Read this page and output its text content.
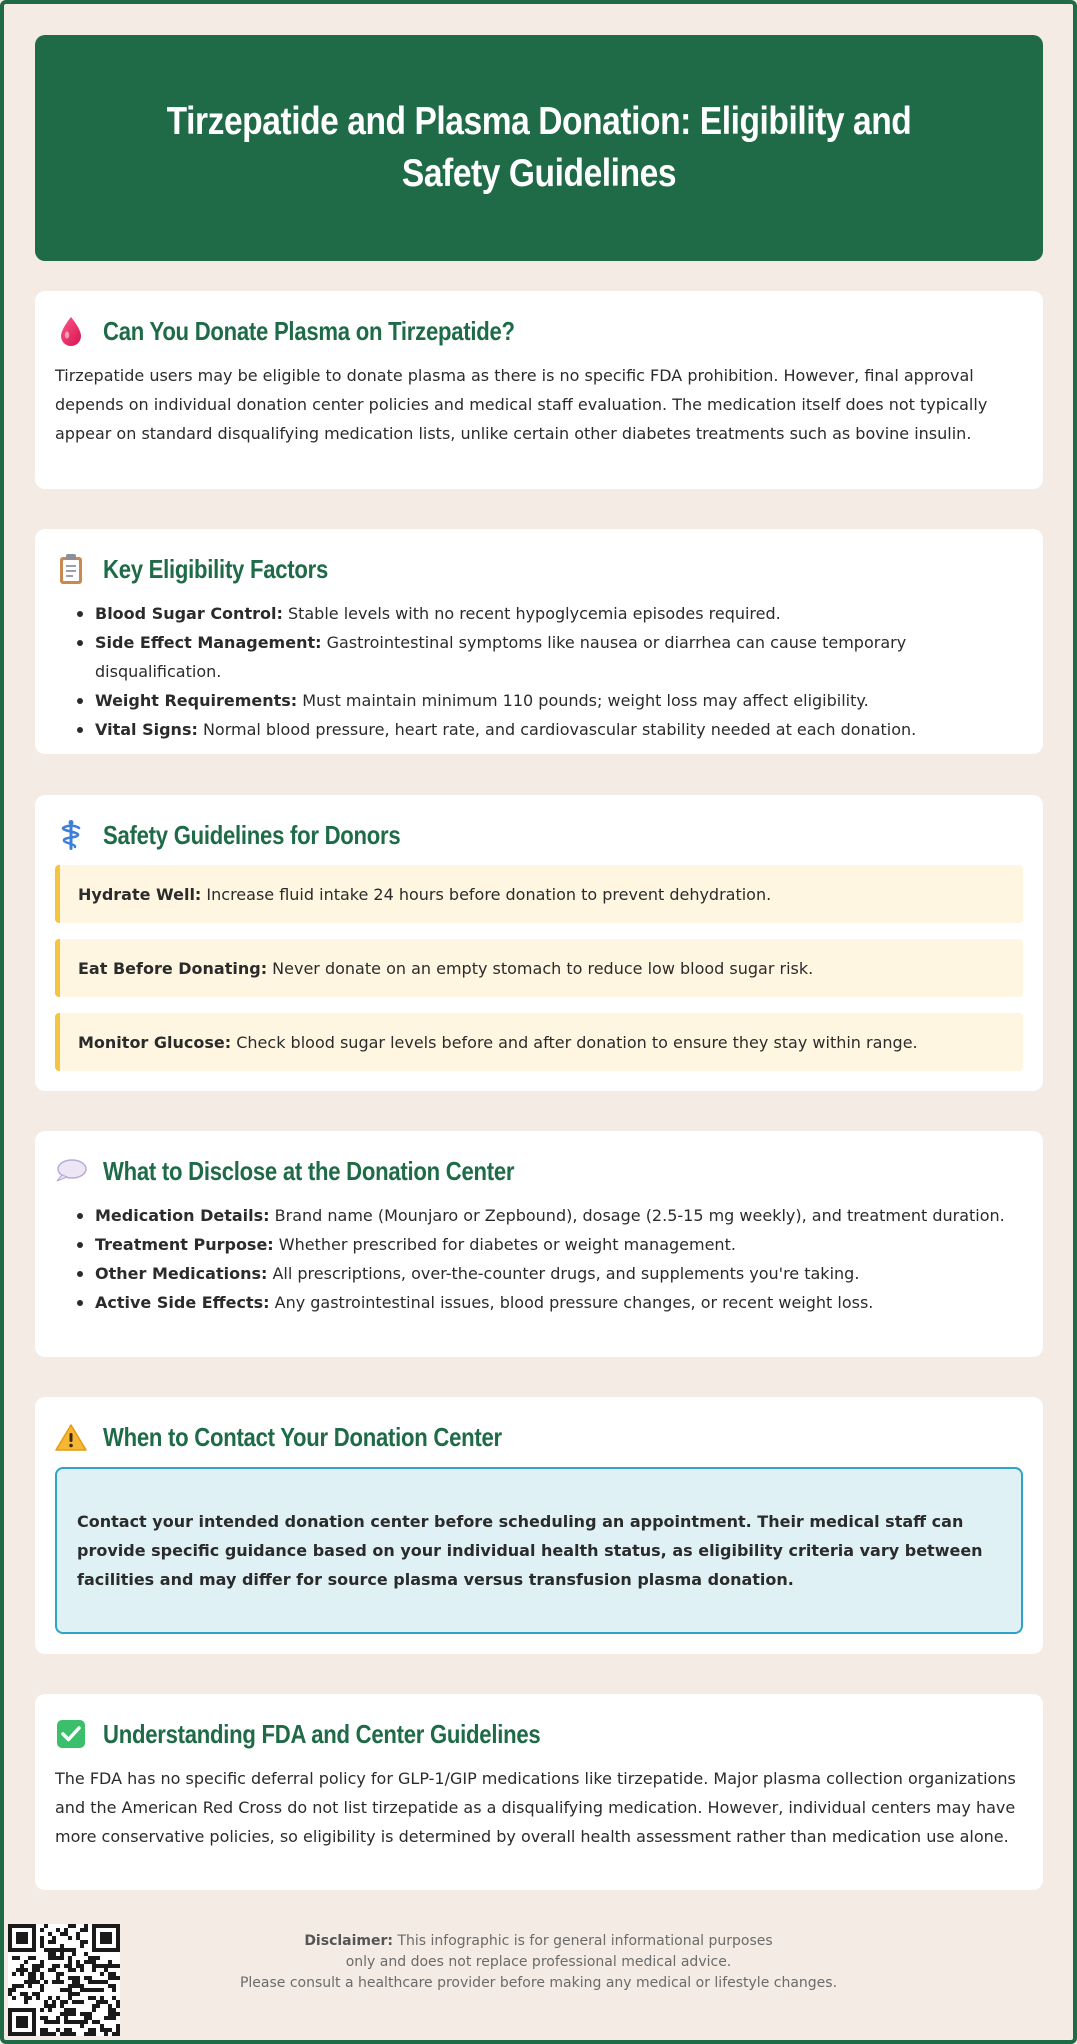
Tirzepatide and Plasma Donation: Eligibility and Safety Guidelines
Can You Donate Plasma on Tirzepatide?

Tirzepatide users may be eligible to donate plasma as there is no specific FDA prohibition. However, final approval depends on individual donation center policies and medical staff evaluation. The medication itself does not typically appear on standard disqualifying medication lists, unlike certain other diabetes treatments such as bovine insulin.

Key Eligibility Factors
Blood Sugar Control: Stable levels with no recent hypoglycemia episodes required.
Side Effect Management: Gastrointestinal symptoms like nausea or diarrhea can cause temporary disqualification.
Weight Requirements: Must maintain minimum 110 pounds; weight loss may affect eligibility.
Vital Signs: Normal blood pressure, heart rate, and cardiovascular stability needed at each donation.
Safety Guidelines for Donors
Hydrate Well: Increase fluid intake 24 hours before donation to prevent dehydration.
Eat Before Donating: Never donate on an empty stomach to reduce low blood sugar risk.
Monitor Glucose: Check blood sugar levels before and after donation to ensure they stay within range.
What to Disclose at the Donation Center
Medication Details: Brand name (Mounjaro or Zepbound), dosage (2.5-15 mg weekly), and treatment duration.
Treatment Purpose: Whether prescribed for diabetes or weight management.
Other Medications: All prescriptions, over-the-counter drugs, and supplements you're taking.
Active Side Effects: Any gastrointestinal issues, blood pressure changes, or recent weight loss.
When to Contact Your Donation Center
Contact your intended donation center before scheduling an appointment. Their medical staff can provide specific guidance based on your individual health status, as eligibility criteria vary between facilities and may differ for source plasma versus transfusion plasma donation.
Understanding FDA and Center Guidelines

The FDA has no specific deferral policy for GLP-1/GIP medications like tirzepatide. Major plasma collection organizations and the American Red Cross do not list tirzepatide as a disqualifying medication. However, individual centers may have more conservative policies, so eligibility is determined by overall health assessment rather than medication use alone.

Disclaimer: This infographic is for general informational purposes
only and does not replace professional medical advice.
Please consult a healthcare provider before making any medical or lifestyle changes.
